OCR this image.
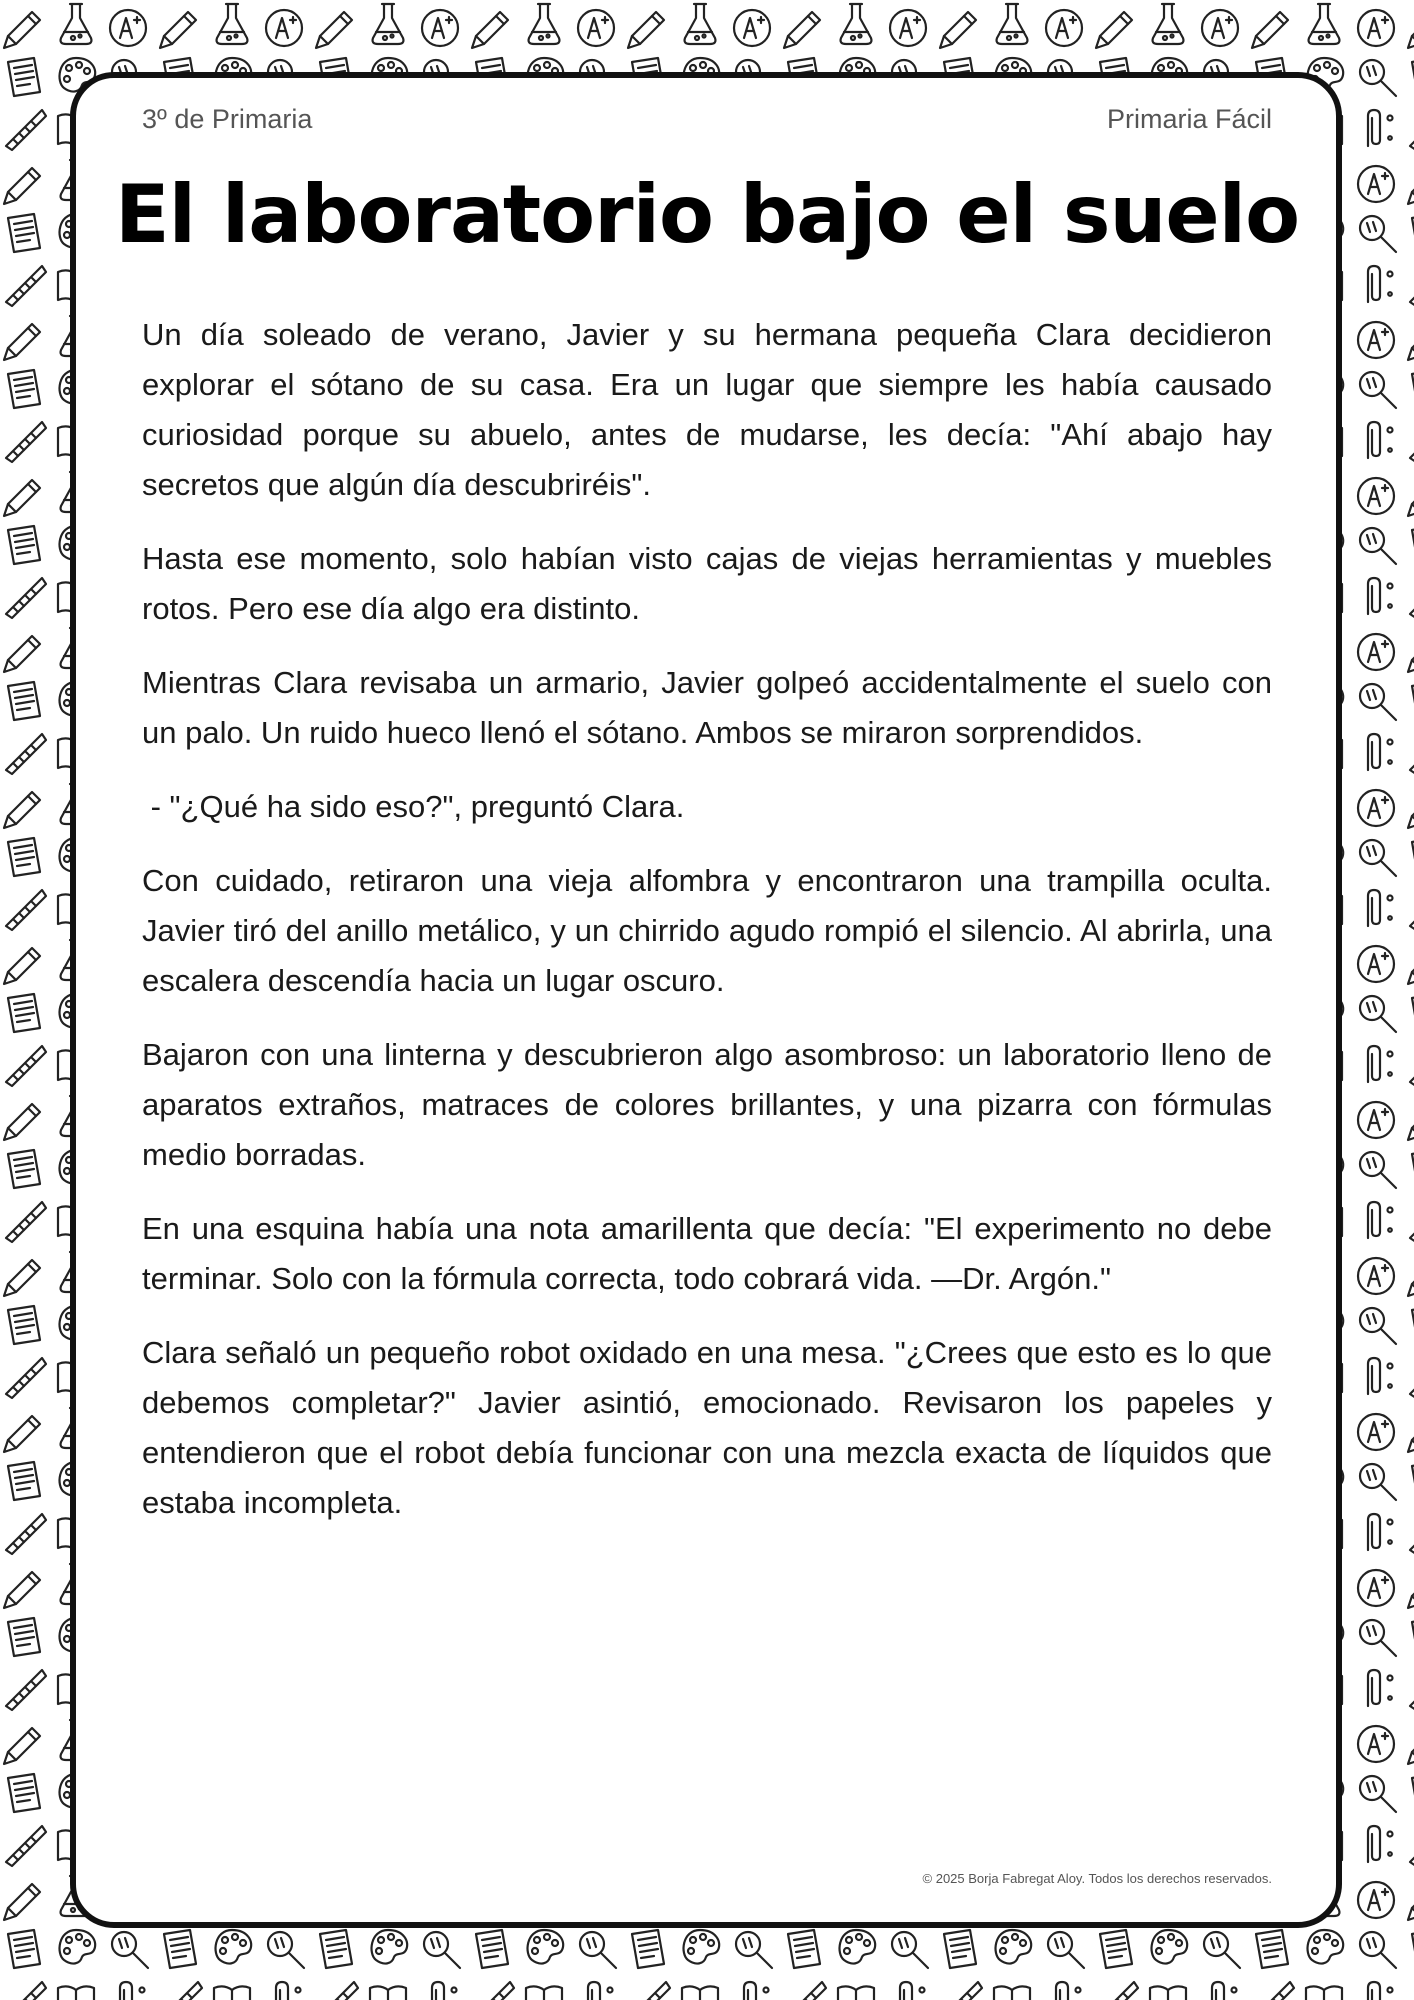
3º de Primaria	Primaria Fácil
El laboratorio bajo el suelo

Un día soleado de verano, Javier y su hermana pequeña Clara decidieron explorar el sótano de su casa. Era un lugar que siempre les había causado curiosidad porque su abuelo, antes de mudarse, les decía: "Ahí abajo hay secretos que algún día descubriréis".

Hasta ese momento, solo habían visto cajas de viejas herramientas y muebles rotos. Pero ese día algo era distinto.

Mientras Clara revisaba un armario, Javier golpeó accidentalmente el suelo con un palo. Un ruido hueco llenó el sótano. Ambos se miraron sorprendidos.

- "¿Qué ha sido eso?", preguntó Clara.

Con cuidado, retiraron una vieja alfombra y encontraron una trampilla oculta. Javier tiró del anillo metálico, y un chirrido agudo rompió el silencio. Al abrirla, una escalera descendía hacia un lugar oscuro.

Bajaron con una linterna y descubrieron algo asombroso: un laboratorio lleno de aparatos extraños, matraces de colores brillantes, y una pizarra con fórmulas medio borradas.

En una esquina había una nota amarillenta que decía: "El experimento no debe terminar. Solo con la fórmula correcta, todo cobrará vida. —Dr. Argón."

Clara señaló un pequeño robot oxidado en una mesa. "¿Crees que esto es lo que debemos completar?" Javier asintió, emocionado. Revisaron los papeles y entendieron que el robot debía funcionar con una mezcla exacta de líquidos que estaba incompleta.

© 2025 Borja Fabregat Aloy. Todos los derechos reservados.
